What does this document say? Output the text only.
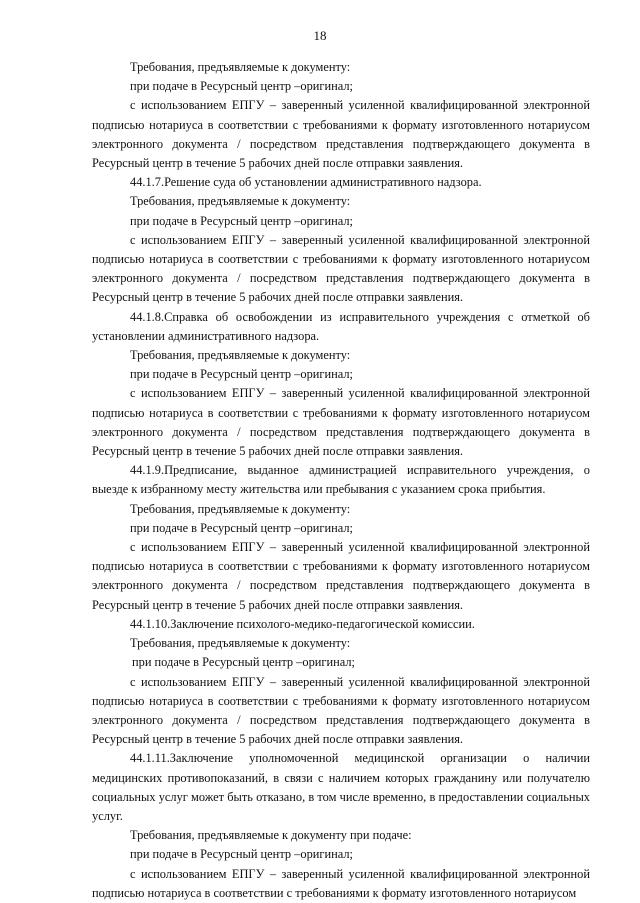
18

Требования, предъявляемые к документу:

при подаче в Ресурсный центр –оригинал;

с использованием ЕПГУ – заверенный усиленной квалифицированной электронной подписью нотариуса в соответствии с требованиями к формату изготовленного нотариусом электронного документа / посредством представления подтверждающего документа в Ресурсный центр в течение 5 рабочих дней после отправки заявления.

44.1.7.Решение суда об установлении административного надзора.

Требования, предъявляемые к документу:

при подаче в Ресурсный центр –оригинал;

с использованием ЕПГУ – заверенный усиленной квалифицированной электронной подписью нотариуса в соответствии с требованиями к формату изготовленного нотариусом электронного документа / посредством представления подтверждающего документа в Ресурсный центр в течение 5 рабочих дней после отправки заявления.

44.1.8.Справка об освобождении из исправительного учреждения с отметкой об установлении административного надзора.

Требования, предъявляемые к документу:

при подаче в Ресурсный центр –оригинал;

с использованием ЕПГУ – заверенный усиленной квалифицированной электронной подписью нотариуса в соответствии с требованиями к формату изготовленного нотариусом электронного документа / посредством представления подтверждающего документа в Ресурсный центр в течение 5 рабочих дней после отправки заявления.

44.1.9.Предписание, выданное администрацией исправительного учреждения, о выезде к избранному месту жительства или пребывания с указанием срока прибытия.

Требования, предъявляемые к документу:

при подаче в Ресурсный центр –оригинал;

с использованием ЕПГУ – заверенный усиленной квалифицированной электронной подписью нотариуса в соответствии с требованиями к формату изготовленного нотариусом электронного документа / посредством представления подтверждающего документа в Ресурсный центр в течение 5 рабочих дней после отправки заявления.

44.1.10.Заключение психолого-медико-педагогической комиссии.

Требования, предъявляемые к документу:

при подаче в Ресурсный центр –оригинал;

с использованием ЕПГУ – заверенный усиленной квалифицированной электронной подписью нотариуса в соответствии с требованиями к формату изготовленного нотариусом электронного документа / посредством представления подтверждающего документа в Ресурсный центр в течение 5 рабочих дней после отправки заявления.

44.1.11.Заключение уполномоченной медицинской организации о наличии медицинских противопоказаний, в связи с наличием которых гражданину или получателю социальных услуг может быть отказано, в том числе временно, в предоставлении социальных услуг.

Требования, предъявляемые к документу при подаче:

при подаче в Ресурсный центр –оригинал;

с использованием ЕПГУ – заверенный усиленной квалифицированной электронной подписью нотариуса в соответствии с требованиями к формату изготовленного нотариусом
